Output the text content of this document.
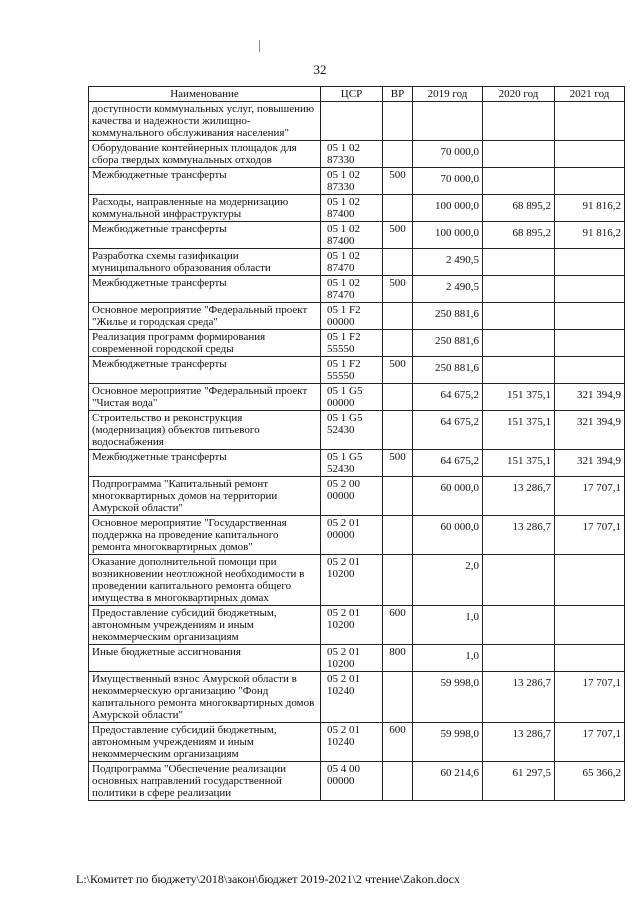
32
Наименование	ЦСР	ВР	2019 год	2020 год	2021 год
доступности коммунальных услуг, повышению качества и надежности жилищно-коммунального обслуживания населения"					
Оборудование контейнерных площадок для сбора твердых коммунальных отходов	05 1 02 87330		70 000,0		
Межбюджетные трансферты	05 1 02 87330	500	70 000,0		
Расходы, направленные на модернизацию коммунальной инфраструктуры	05 1 02 87400		100 000,0	68 895,2	91 816,2
Межбюджетные трансферты	05 1 02 87400	500	100 000,0	68 895,2	91 816,2
Разработка схемы газификации муниципального образования области	05 1 02 87470		2 490,5		
Межбюджетные трансферты	05 1 02 87470	500	2 490,5		
Основное мероприятие "Федеральный проект "Жилье и городская среда"	05 1 F2 00000		250 881,6		
Реализация программ формирования современной городской среды	05 1 F2 55550		250 881,6		
Межбюджетные трансферты	05 1 F2 55550	500	250 881,6		
Основное мероприятие "Федеральный проект "Чистая вода"	05 1 G5 00000		64 675,2	151 375,1	321 394,9
Строительство и реконструкция (модернизация) объектов питьевого водоснабжения	05 1 G5 52430		64 675,2	151 375,1	321 394,9
Межбюджетные трансферты	05 1 G5 52430	500	64 675,2	151 375,1	321 394,9
Подпрограмма "Капитальный ремонт многоквартирных домов на территории Амурской области"	05 2 00 00000		60 000,0	13 286,7	17 707,1
Основное мероприятие "Государственная поддержка на проведение капитального ремонта многоквартирных домов"	05 2 01 00000		60 000,0	13 286,7	17 707,1
Оказание дополнительной помощи при возникновении неотложной необходимости в проведении капитального ремонта общего имущества в многоквартирных домах	05 2 01 10200		2,0		
Предоставление субсидий бюджетным, автономным учреждениям и иным некоммерческим организациям	05 2 01 10200	600	1,0		
Иные бюджетные ассигнования	05 2 01 10200	800	1,0		
Имущественный взнос Амурской области в некоммерческую организацию "Фонд капитального ремонта многоквартирных домов Амурской области"	05 2 01 10240		59 998,0	13 286,7	17 707,1
Предоставление субсидий бюджетным, автономным учреждениям и иным некоммерческим организациям	05 2 01 10240	600	59 998,0	13 286,7	17 707,1
Подпрограмма "Обеспечение реализации основных направлений государственной политики в сфере реализации	05 4 00 00000		60 214,6	61 297,5	65 366,2
L:\Комитет по бюджету\2018\закон\бюджет 2019-2021\2 чтение\Zakon.docx
